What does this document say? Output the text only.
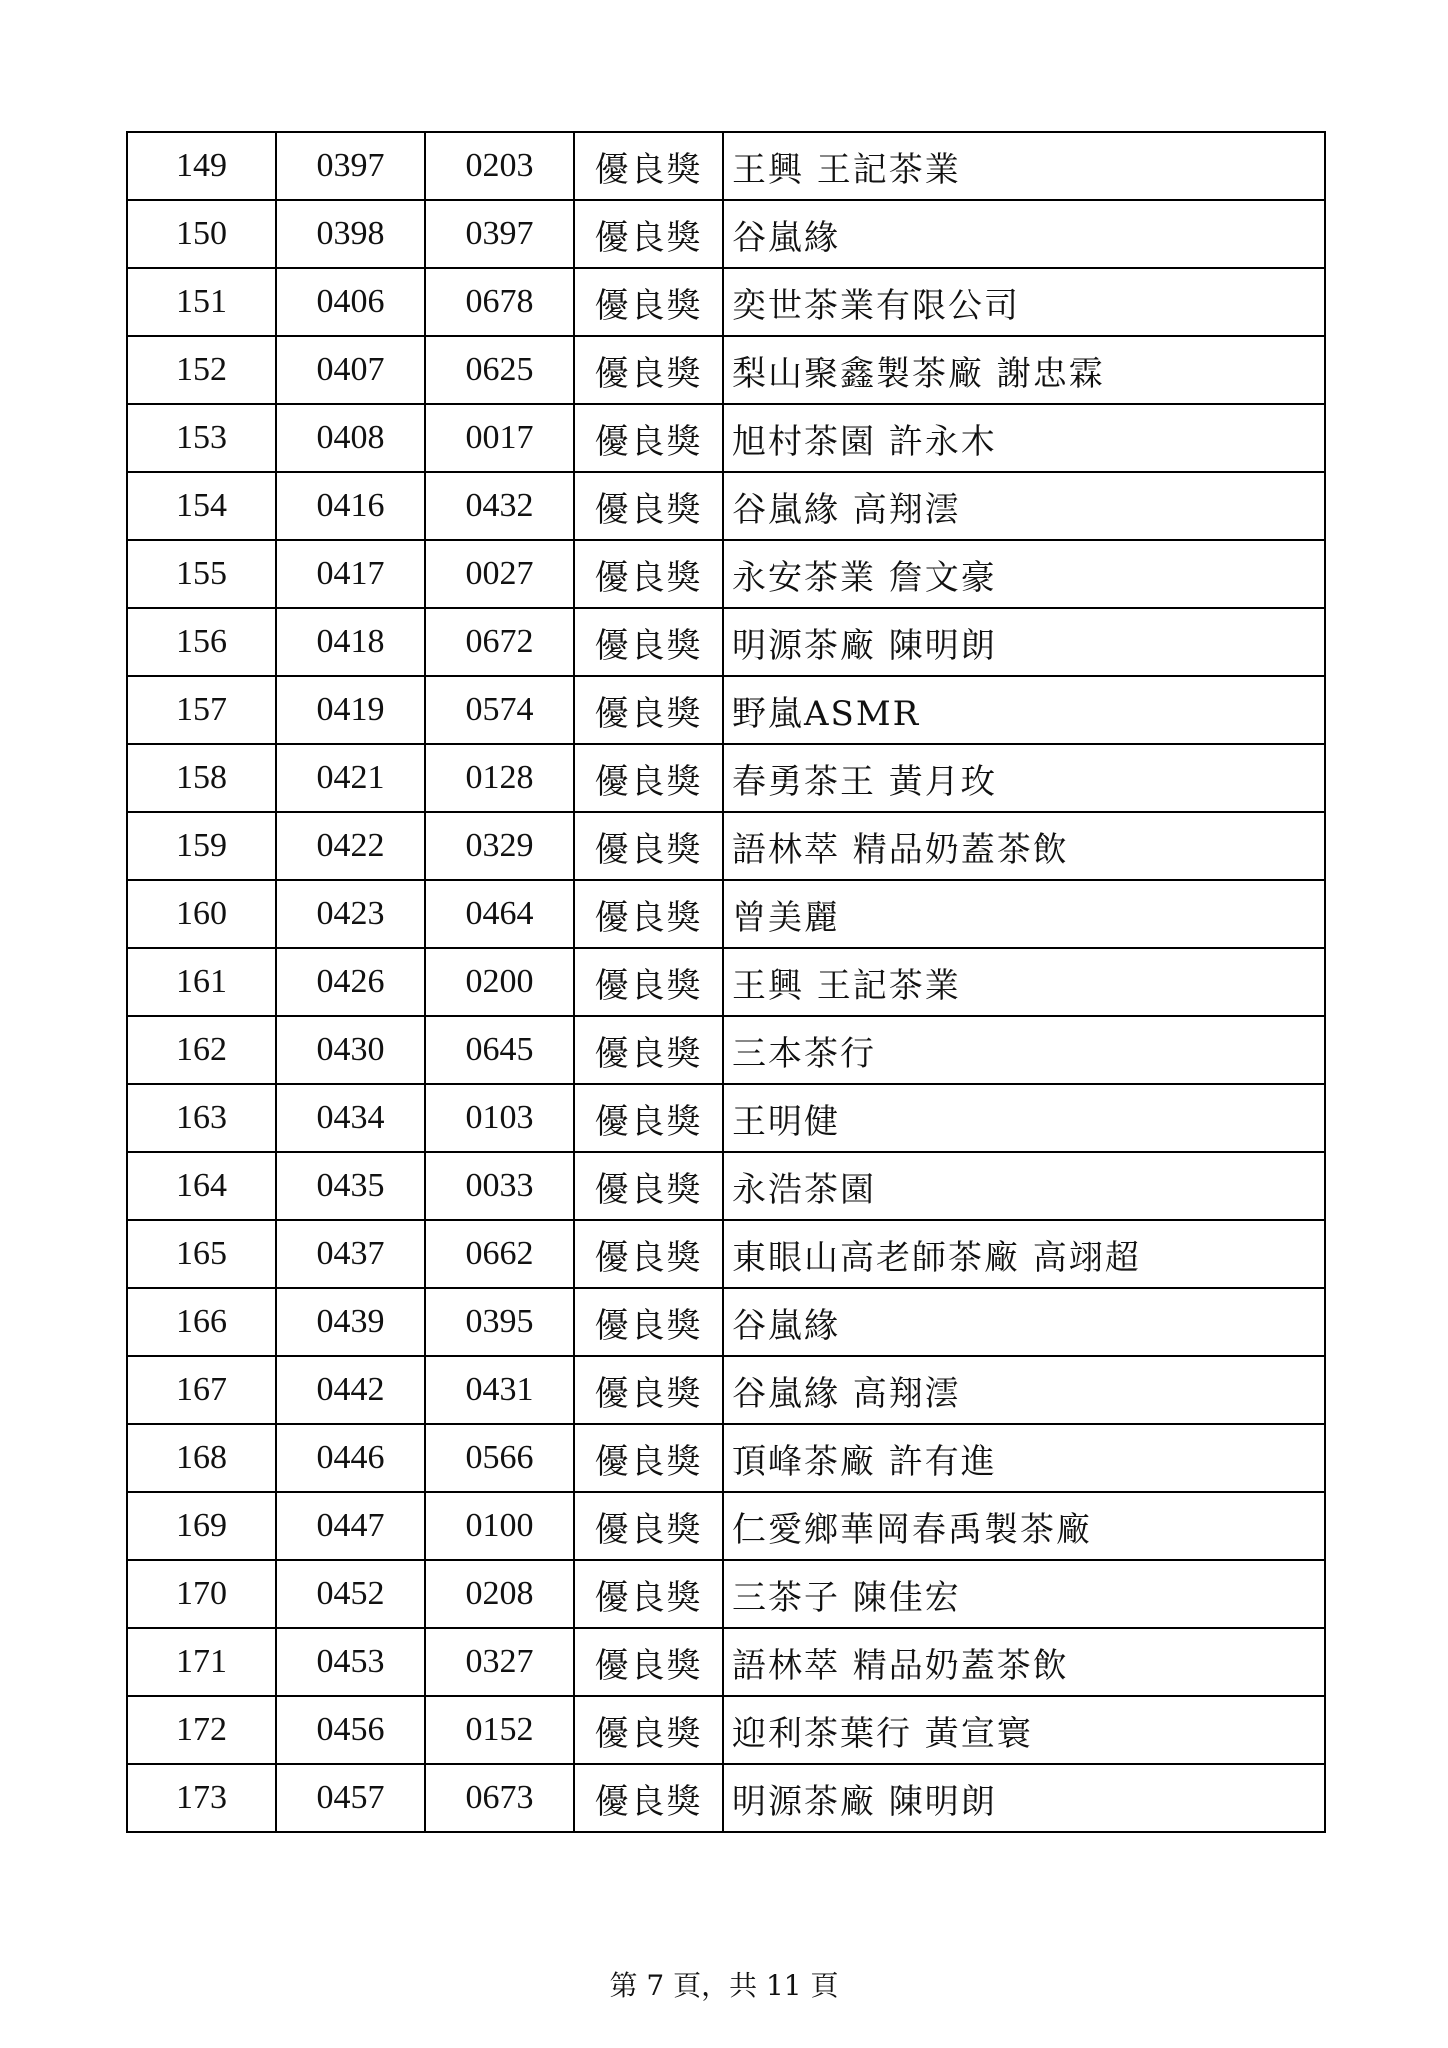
149	0397	0203	優良獎	王興 王記茶業
150	0398	0397	優良獎	谷嵐緣
151	0406	0678	優良獎	奕世茶業有限公司
152	0407	0625	優良獎	梨山聚鑫製茶廠 謝忠霖
153	0408	0017	優良獎	旭村茶園 許永木
154	0416	0432	優良獎	谷嵐緣 高翔澐
155	0417	0027	優良獎	永安茶業 詹文豪
156	0418	0672	優良獎	明源茶廠 陳明朗
157	0419	0574	優良獎	野嵐ASMR
158	0421	0128	優良獎	春勇茶王 黃月玫
159	0422	0329	優良獎	語林萃 精品奶蓋茶飲
160	0423	0464	優良獎	曾美麗
161	0426	0200	優良獎	王興 王記茶業
162	0430	0645	優良獎	三本茶行
163	0434	0103	優良獎	王明健
164	0435	0033	優良獎	永浩茶園
165	0437	0662	優良獎	東眼山高老師茶廠 高翊超
166	0439	0395	優良獎	谷嵐緣
167	0442	0431	優良獎	谷嵐緣 高翔澐
168	0446	0566	優良獎	頂峰茶廠 許有進
169	0447	0100	優良獎	仁愛鄉華岡春禹製茶廠
170	0452	0208	優良獎	三茶子 陳佳宏
171	0453	0327	優良獎	語林萃 精品奶蓋茶飲
172	0456	0152	優良獎	迎利茶葉行 黃宣寰
173	0457	0673	優良獎	明源茶廠 陳明朗
第 7 頁，共 11 頁
